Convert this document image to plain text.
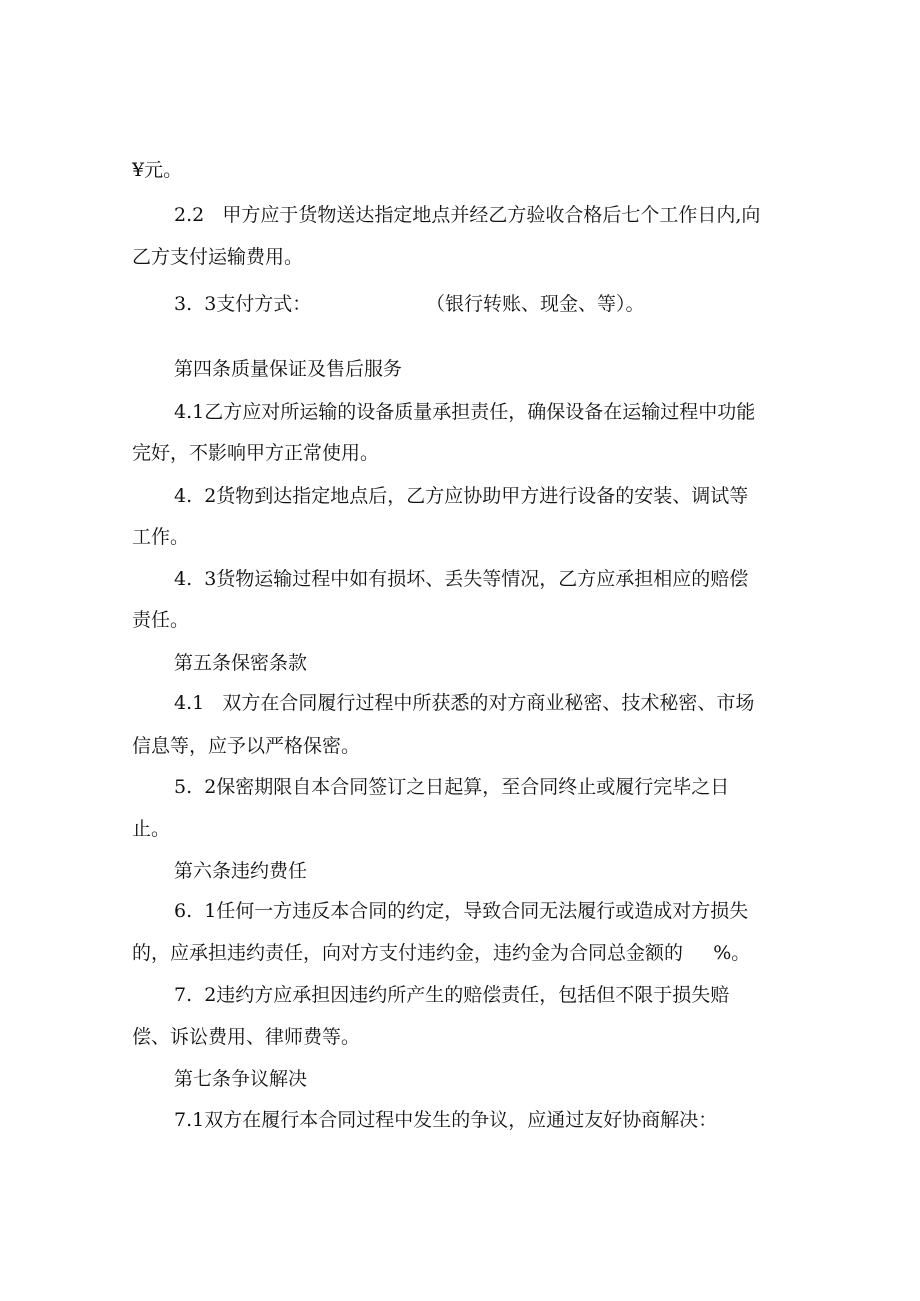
¥元。
2.2   甲方应于货物送达指定地点并经乙方验收合格后七个工作日内,向
乙方支付运输费用。
3.  3支付方式：                   （银行转账、现金、等）。
第四条质量保证及售后服务
4.1乙方应对所运输的设备质量承担责任，确保设备在运输过程中功能
完好，不影响甲方正常使用。
4.  2货物到达指定地点后，乙方应协助甲方进行设备的安装、调试等
工作。
4.  3货物运输过程中如有损坏、丢失等情况，乙方应承担相应的赔偿
责任。
第五条保密条款
4.1   双方在合同履行过程中所获悉的对方商业秘密、技术秘密、市场
信息等，应予以严格保密。
5.  2保密期限自本合同签订之日起算，至合同终止或履行完毕之日
止。
第六条违约费任
6.  1任何一方违反本合同的约定，导致合同无法履行或造成对方损失
的，应承担违约责任，向对方支付违约金，违约金为合同总金额的     %。
7.  2违约方应承担因违约所产生的赔偿责任，包括但不限于损失赔
偿、诉讼费用、律师费等。
第七条争议解决
7.1双方在履行本合同过程中发生的争议，应通过友好协商解决：
